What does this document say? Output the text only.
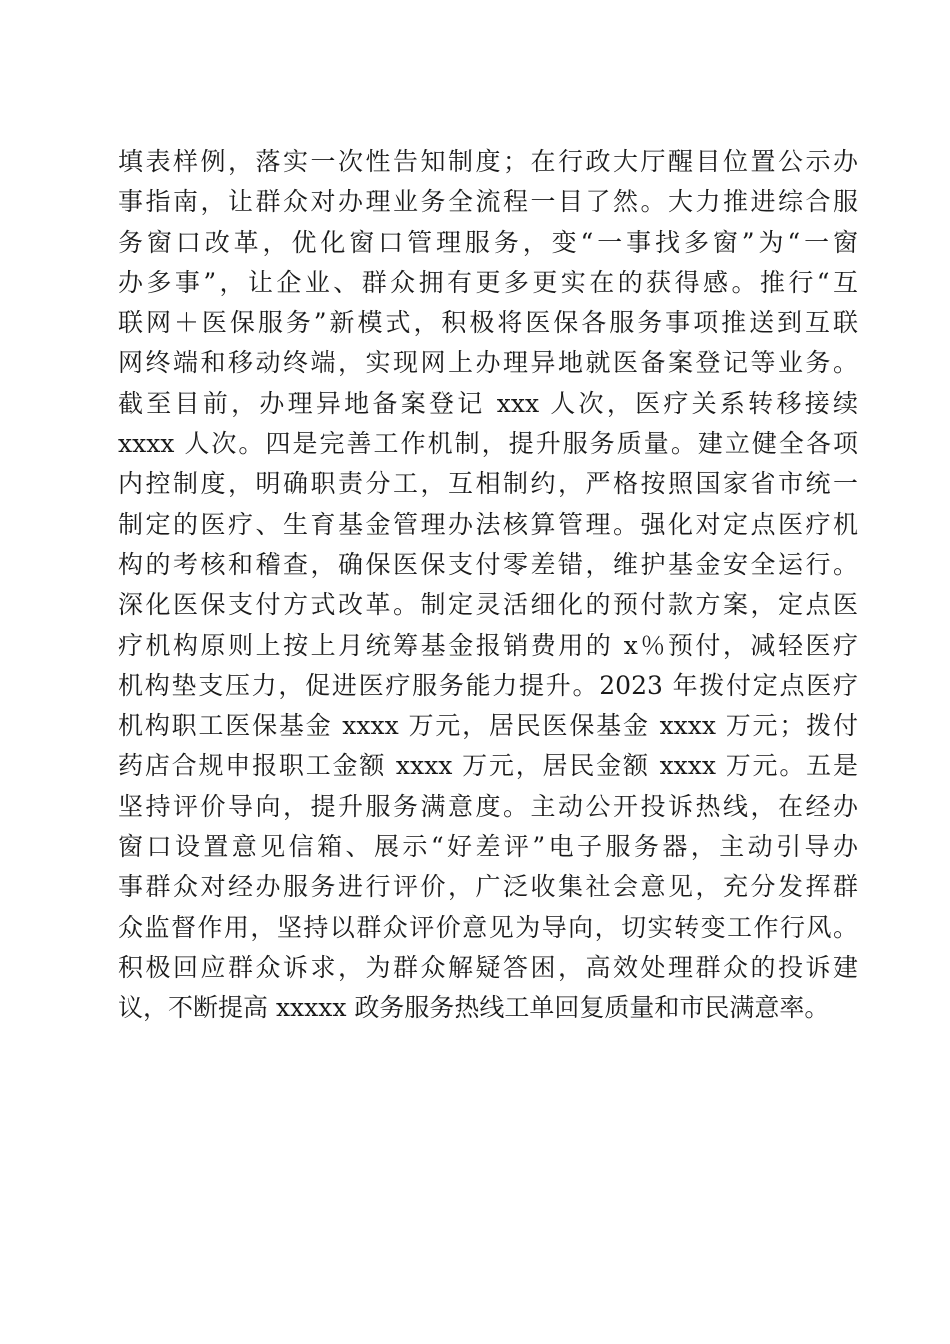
填表样例，落实一次性告知制度；在行政大厅醒目位置公示办
事指南，让群众对办理业务全流程一目了然。大力推进综合服
务窗口改革，优化窗口管理服务，变“一事找多窗”为“一窗
办多事”，让企业、群众拥有更多更实在的获得感。推行“互
联网＋医保服务”新模式，积极将医保各服务事项推送到互联
网终端和移动终端，实现网上办理异地就医备案登记等业务。
截至目前，办理异地备案登记 xxx 人次，医疗关系转移接续
xxxx 人次。四是完善工作机制，提升服务质量。建立健全各项
内控制度，明确职责分工，互相制约，严格按照国家省市统一
制定的医疗、生育基金管理办法核算管理。强化对定点医疗机
构的考核和稽查，确保医保支付零差错，维护基金安全运行。
深化医保支付方式改革。制定灵活细化的预付款方案，定点医
疗机构原则上按上月统筹基金报销费用的 x％预付，减轻医疗
机构垫支压力，促进医疗服务能力提升。2023 年拨付定点医疗
机构职工医保基金 xxxx 万元，居民医保基金 xxxx 万元；拨付
药店合规申报职工金额 xxxx 万元，居民金额 xxxx 万元。五是
坚持评价导向，提升服务满意度。主动公开投诉热线，在经办
窗口设置意见信箱、展示“好差评”电子服务器，主动引导办
事群众对经办服务进行评价，广泛收集社会意见，充分发挥群
众监督作用，坚持以群众评价意见为导向，切实转变工作行风。
积极回应群众诉求，为群众解疑答困，高效处理群众的投诉建
议，不断提高 xxxxx 政务服务热线工单回复质量和市民满意率。
